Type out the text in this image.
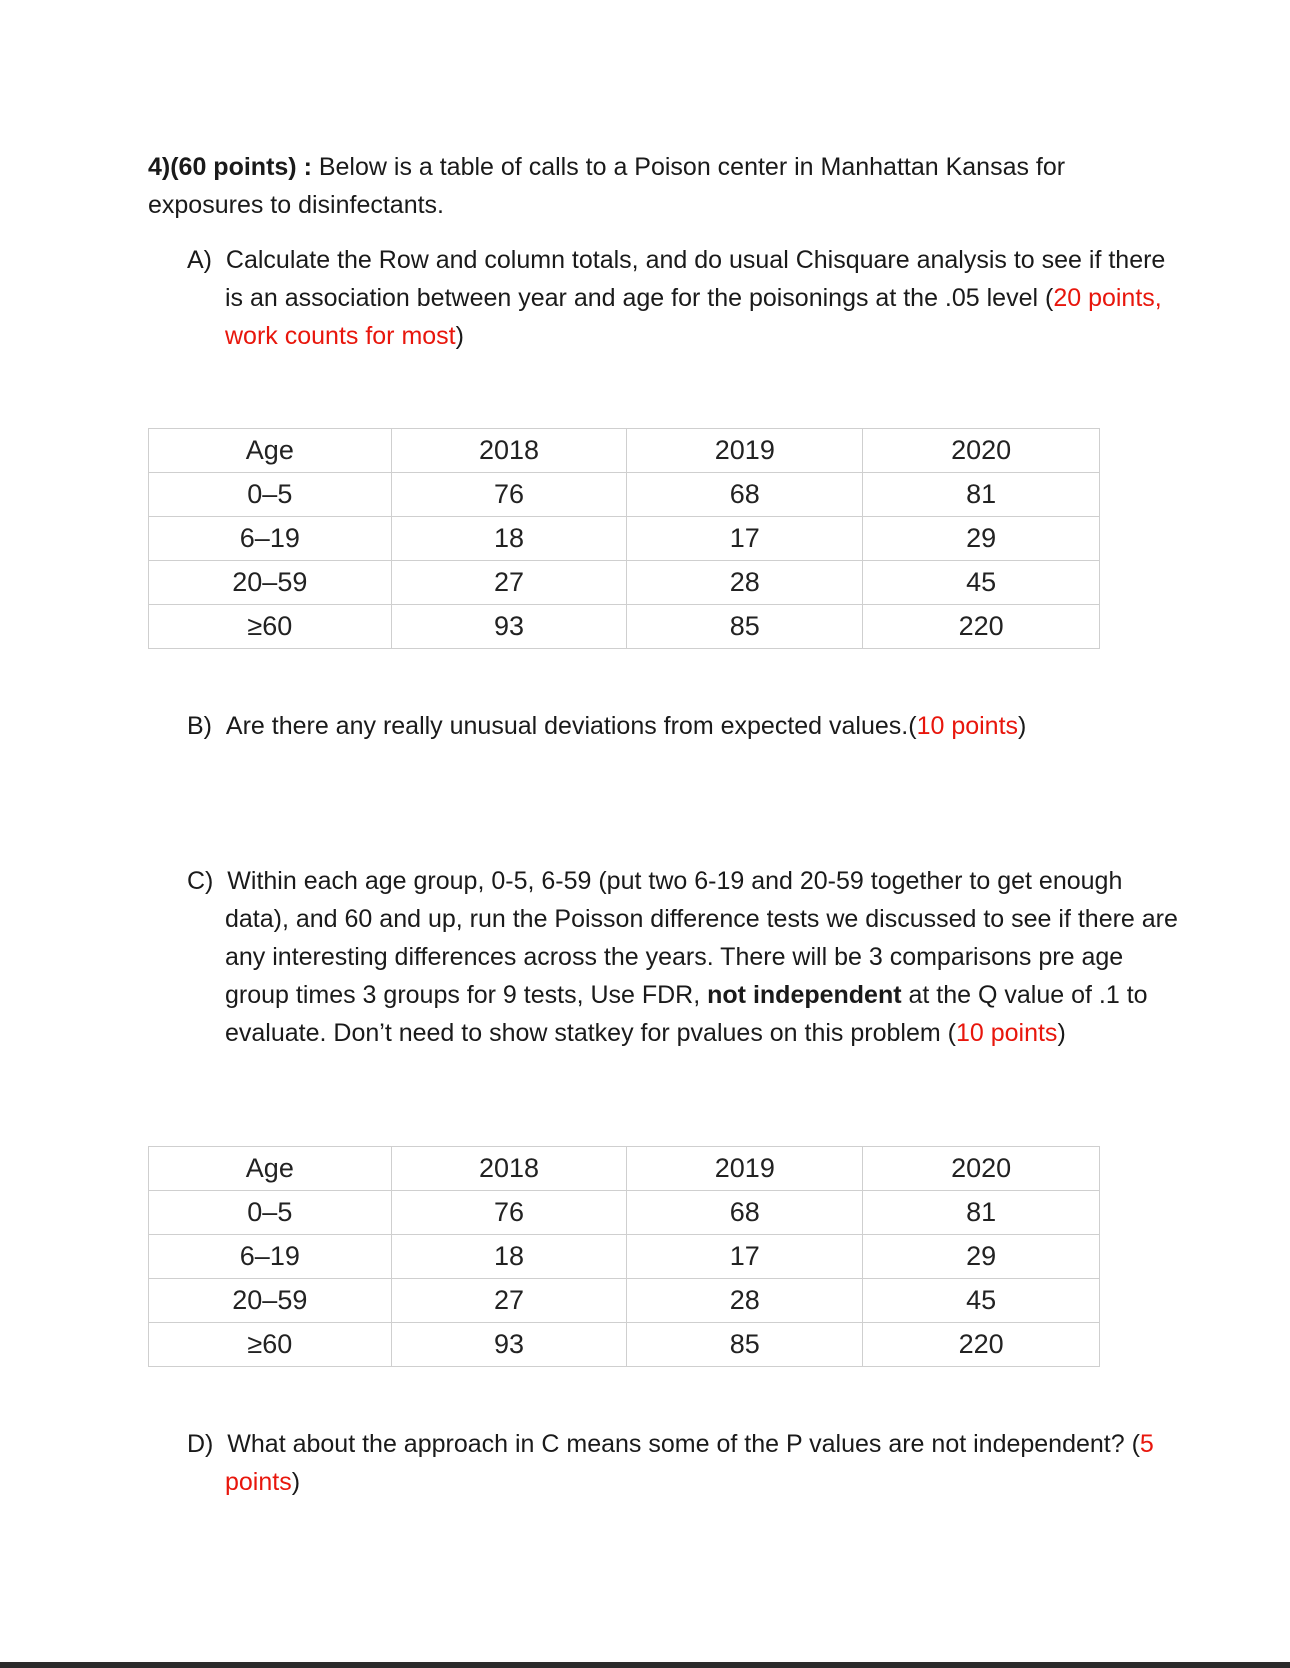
4)(60 points) : Below is a table of calls to a Poison center in Manhattan Kansas for exposures to disinfectants.

A) Calculate the Row and column totals, and do usual Chisquare analysis to see if there is an association between year and age for the poisonings at the .05 level (20 points, work counts for most)

Age	2018	2019	2020
0–5	76	68	81
6–19	18	17	29
20–59	27	28	45
≥60	93	85	220

B) Are there any really unusual deviations from expected values.(10 points)

C) Within each age group, 0-5, 6-59 (put two 6-19 and 20-59 together to get enough data), and 60 and up, run the Poisson difference tests we discussed to see if there are any interesting differences across the years. There will be 3 comparisons pre age group times 3 groups for 9 tests, Use FDR, not independent at the Q value of .1 to evaluate. Don’t need to show statkey for pvalues on this problem (10 points)

Age	2018	2019	2020
0–5	76	68	81
6–19	18	17	29
20–59	27	28	45
≥60	93	85	220

D) What about the approach in C means some of the P values are not independent? (5 points)
